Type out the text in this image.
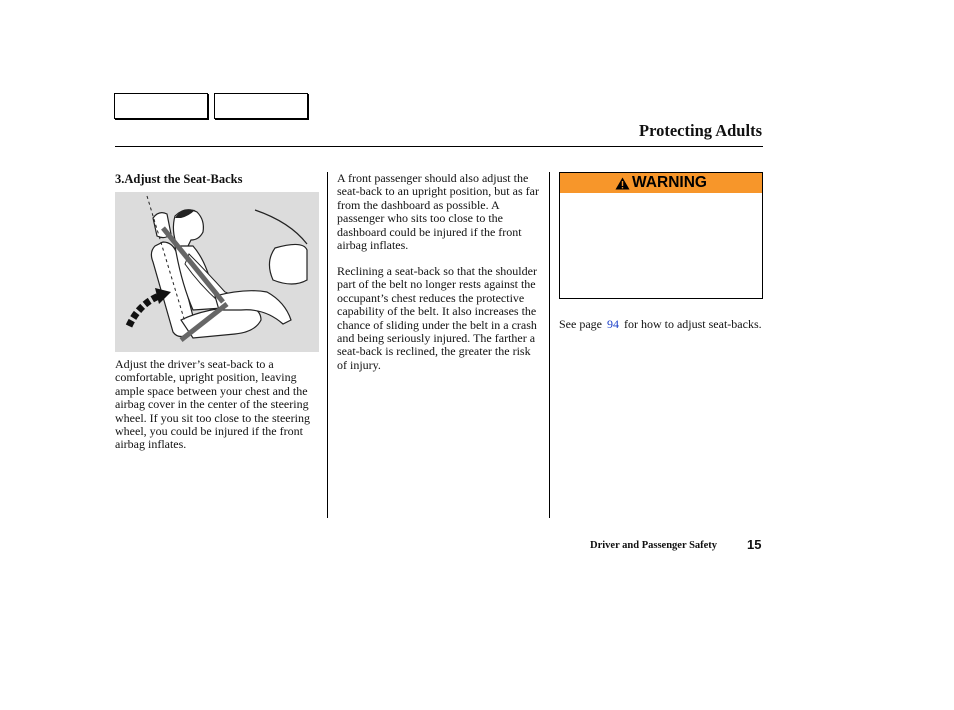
Protecting Adults
3.Adjust the Seat-Backs

Adjust the driver’s seat-back to a comfortable, upright position, leaving ample space between your chest and the airbag cover in the center of the steering wheel. If you sit too close to the steering wheel, you could be injured if the front airbag inflates.

A front passenger should also adjust the seat-back to an upright position, but as far from the dashboard as possible. A passenger who sits too close to the dashboard could be injured if the front airbag inflates.

Reclining a seat-back so that the shoulder part of the belt no longer rests against the occupant’s chest reduces the protective capability of the belt. It also increases the chance of sliding under the belt in a crash and being seriously injured. The farther a seat-back is reclined, the greater the risk of injury.

WARNING

See page 94 for how to adjust seat-backs.

Driver and Passenger Safety 15
